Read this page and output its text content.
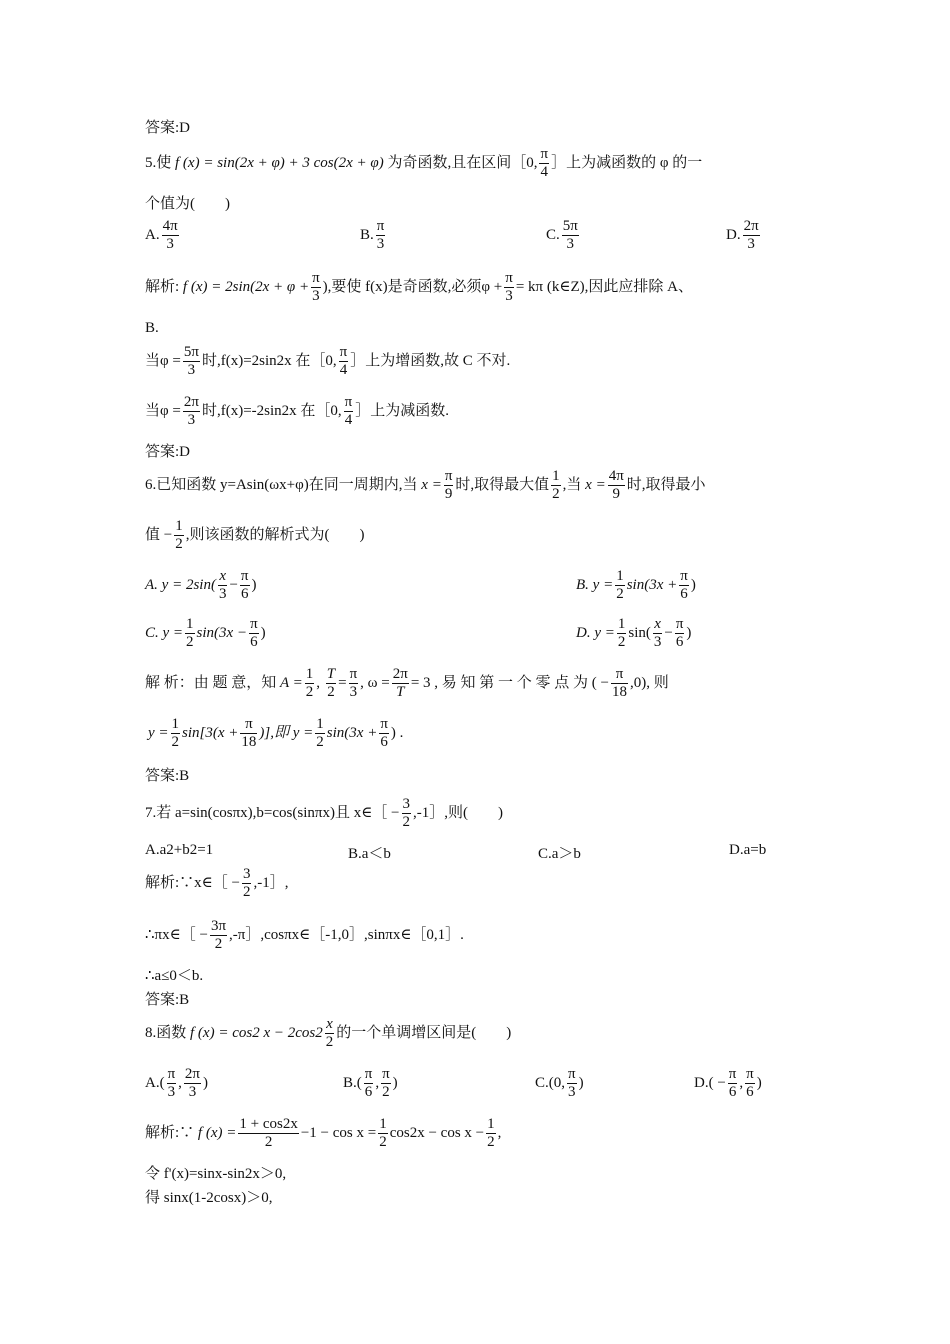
答案:D
5.使 f (x) = sin(2x + φ) + 3 cos(2x + φ) 为奇函数,且在区间［0, $\frac{\pi}{4}$ ］上为减函数的 φ 的一
个值为(　　)
A. $\frac{4\pi}{3}$	B. $\frac{\pi}{3}$	C. $\frac{5\pi}{3}$	D. $\frac{2\pi}{3}$
解析: f $(x) = 2\sin(2x + \varphi + \frac{\pi}{3}$ ),要使 f(x)是奇函数,必须$\varphi + \frac{\pi}{3} = k\pi$ (k∈Z),因此应排除 A、
B.
当$\varphi = \frac{5\pi}{3}$ 时,f(x)=2sin2x 在［0, $\frac{\pi}{4}$ ］上为增函数,故 C 不对.
当$\varphi = \frac{2\pi}{3}$ 时,f(x)=-2sin2x 在［0, $\frac{\pi}{4}$ ］上为减函数.
答案:D
6.已知函数 y=Asin(ωx+φ)在同一周期内,当 $x = \frac{\pi}{9}$ 时,取得最大值 $\frac{1}{2}$ ,当 $x = \frac{4\pi}{9}$ 时,取得最小
值 − $\frac{1}{2}$ ,则该函数的解析式为(　　)
A. $y = 2\sin( \frac{x}{3} - \frac{\pi}{6}$ )	B. $y = \frac{1}{2} \sin(3x + \frac{\pi}{6}$ )
C. $y = \frac{1}{2} \sin(3x - \frac{\pi}{6}$ )	D. $y = \frac{1}{2} \sin( \frac{x}{3} - \frac{\pi}{6}$ )
解 析：由 题 意，知 $A = \frac{1}{2}$ , $\frac{T}{2} = \frac{\pi}{3}$ , $\omega = \frac{2\pi}{T} = 3$ , 易 知 第 一 个 零 点 为 ( − $\frac{\pi}{18} ,0$), 则
$y = \frac{1}{2} \sin[3(x + \frac{\pi}{18}$ )],即 $y = \frac{1}{2} \sin(3x + \frac{\pi}{6}$ ) .
答案:B
7.若 a=sin(cosπx),b=cos(sinπx)且 x∈［ − $\frac{3}{2}$ ,-1］,则(　　)
A.a2+b2=1	B.a＜b	C.a＞b	D.a=b
解析:∵x∈［ − $\frac{3}{2}$ ,-1］,
∴πx∈［ − $\frac{3\pi}{2}$ ,-π］,cosπx∈［-1,0］,sinπx∈［0,1］.
∴a≤0＜b.
答案:B
8.函数 f (x) = cos2 $x - 2\cos 2 \frac{x}{2}$ 的一个单调增区间是(　　)
$A.( \frac{\pi}{3}$ , $\frac{2\pi}{3}$ )	$B.( \frac{\pi}{6}$ , $\frac{\pi}{2}$ )	C.(0, $\frac{\pi}{3}$ )	$D.( - \frac{\pi}{6}$ , $\frac{\pi}{6}$ )
解析:∵ f $(x) = \frac{1 + \cos 2x}{2} -1 - \cos x = \frac{1}{2} \cos 2x - \cos x - \frac{1}{2}$ ,
令 f'(x)=sinx-sin2x＞0,
得 sinx(1-2cosx)＞0,
